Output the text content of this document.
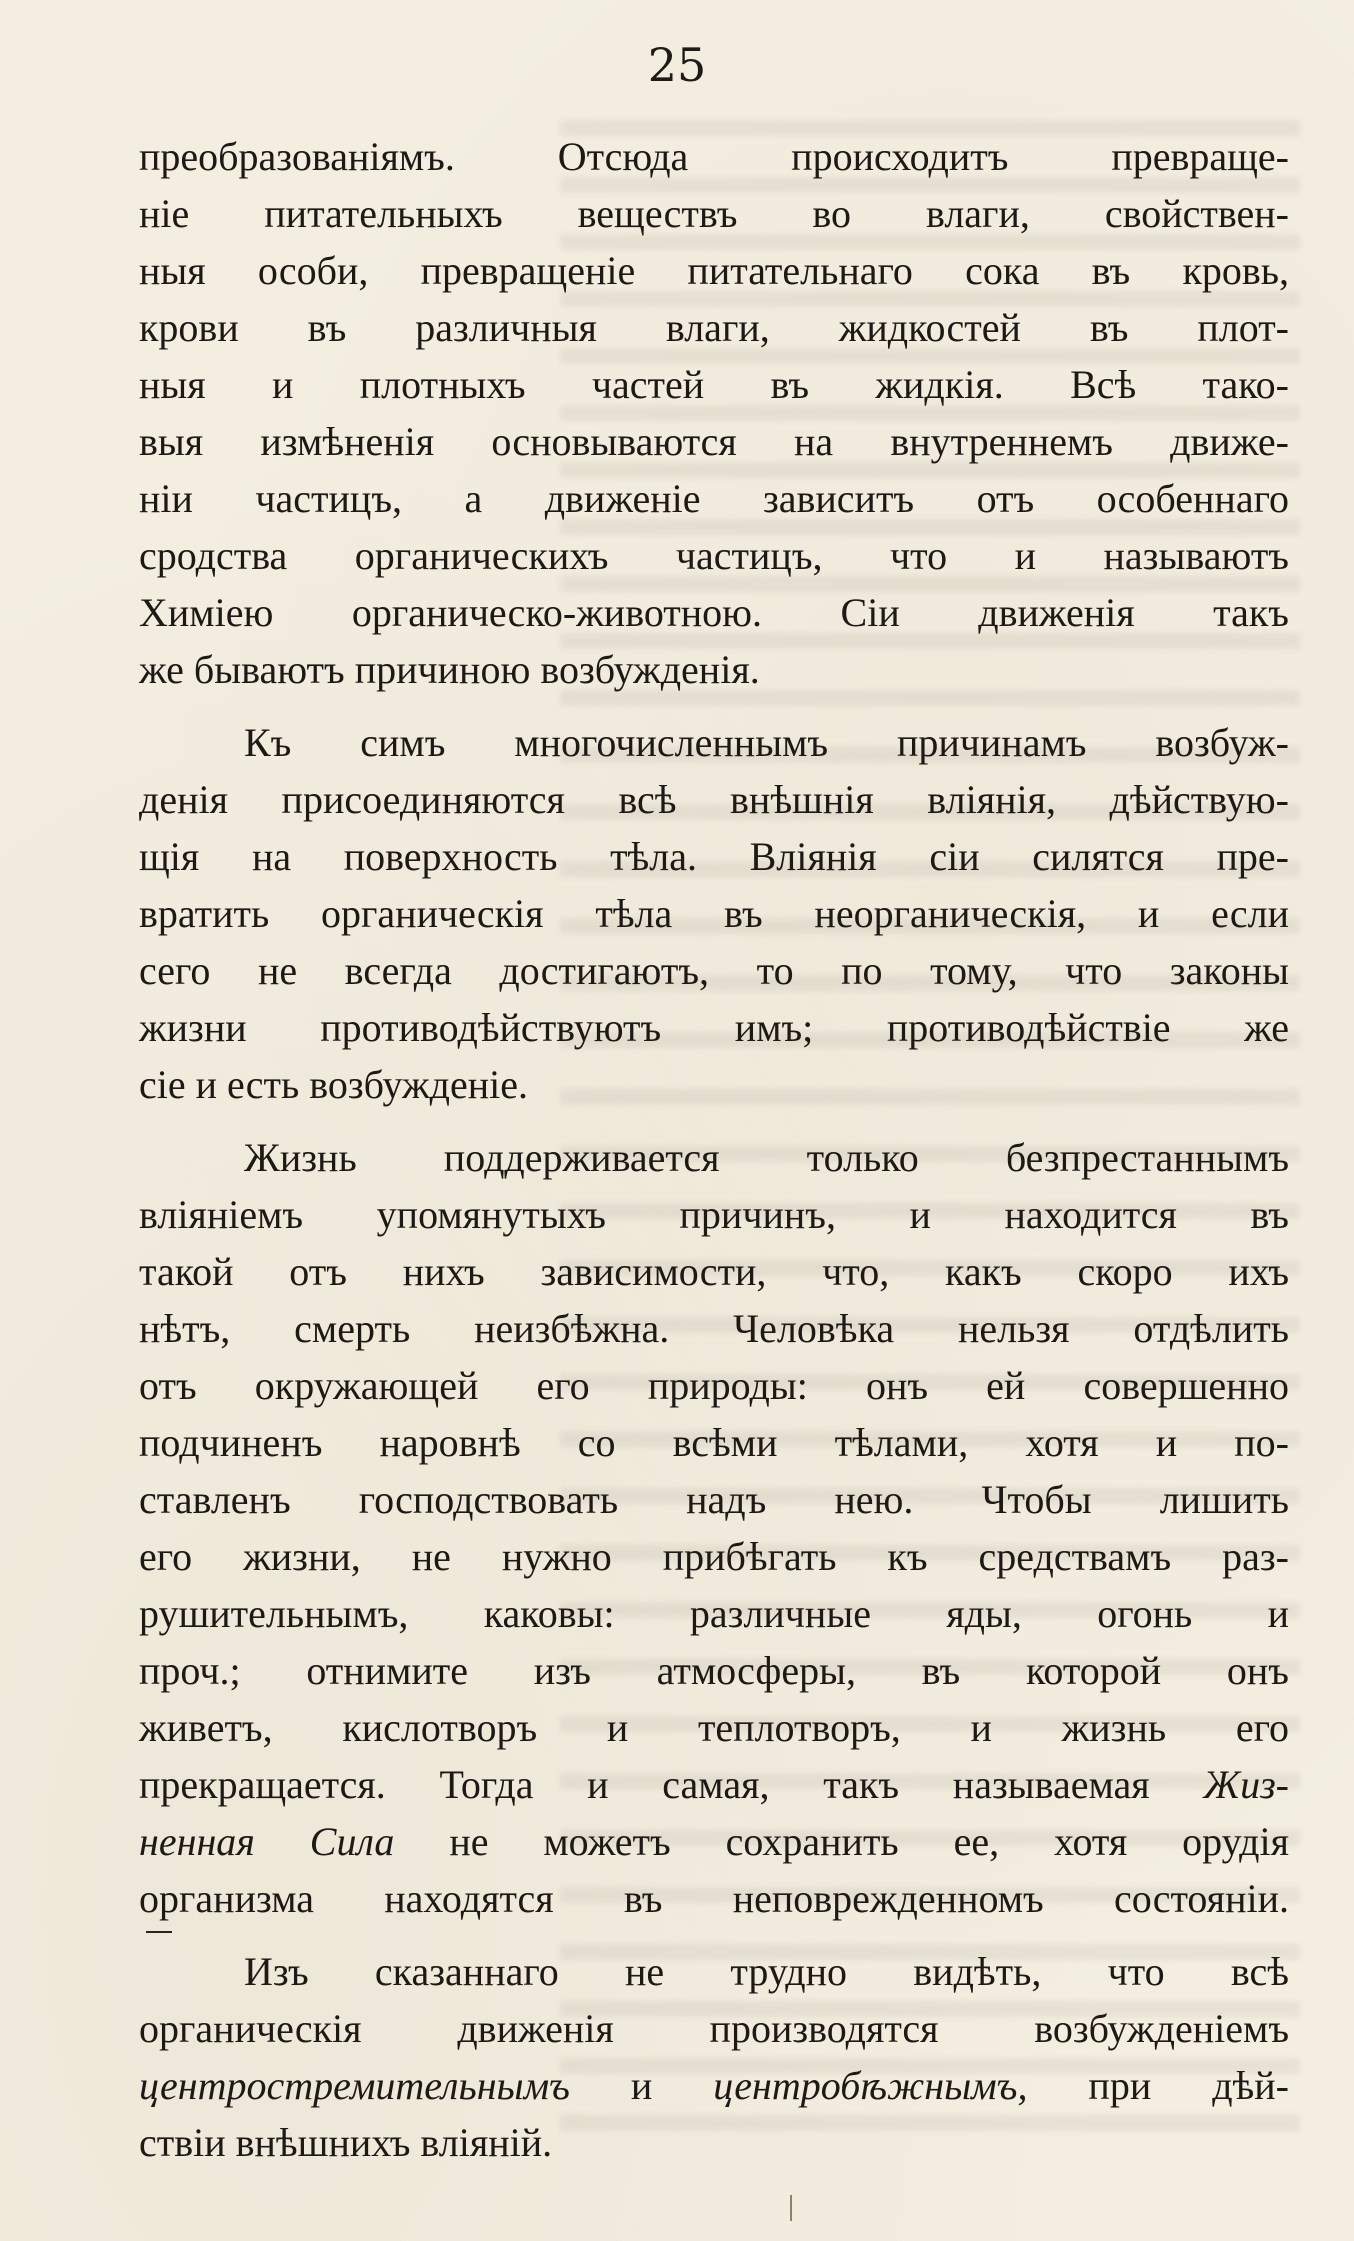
25

преобразованiямъ. Отсюда происходитъ превраще-
нiе питательныхъ веществъ во влаги, свойствен-
ныя особи, превращенiе питательнаго сока въ кровь,
крови въ различныя влаги, жидкостей въ плот-
ныя и плотныхъ частей въ жидкiя. Всѣ тако-
выя измѣненiя основываются на внутреннемъ движе-
нiи частицъ, а движенiе зависитъ отъ особеннаго
сродства органическихъ частицъ, что и называютъ
Химiею органическо-животною. Сiи движенiя такъ
же бываютъ причиною возбужденiя.

Къ симъ многочисленнымъ причинамъ возбуж-
денiя присоединяются всѣ внѣшнiя влiянiя, дѣйствую-
щiя на поверхность тѣла. Влiянiя сiи силятся пре-
вратить органическiя тѣла въ неорганическiя, и если
сего не всегда достигаютъ, то по тому, что законы
жизни противодѣйствуютъ имъ; противодѣйствiе же
сiе и есть возбужденiе.

Жизнь поддерживается только безпрестаннымъ
влiянiемъ упомянутыхъ причинъ, и находится въ
такой отъ нихъ зависимости, что, какъ скоро ихъ
нѣтъ, смерть неизбѣжна. Человѣка нельзя отдѣлить
отъ окружающей его природы: онъ ей совершенно
подчиненъ наровнѣ со всѣми тѣлами, хотя и по-
ставленъ господствовать надъ нею. Чтобы лишить
его жизни, не нужно прибѣгать къ средствамъ раз-
рушительнымъ, каковы: различные яды, огонь и
проч.; отнимите изъ атмосферы, въ которой онъ
живетъ, кислотворъ и теплотворъ, и жизнь его
прекращается. Тогда и самая, такъ называемая Жиз-
ненная Сила не можетъ сохранить ее, хотя орудiя
организма находятся въ неповрежденномъ состоянiи.

Изъ сказаннаго не трудно видѣть, что всѣ
органическiя движенiя производятся возбужденiемъ
центростремительнымъ и центробѣжнымъ, при дѣй-
ствiи внѣшнихъ влiянiй.
